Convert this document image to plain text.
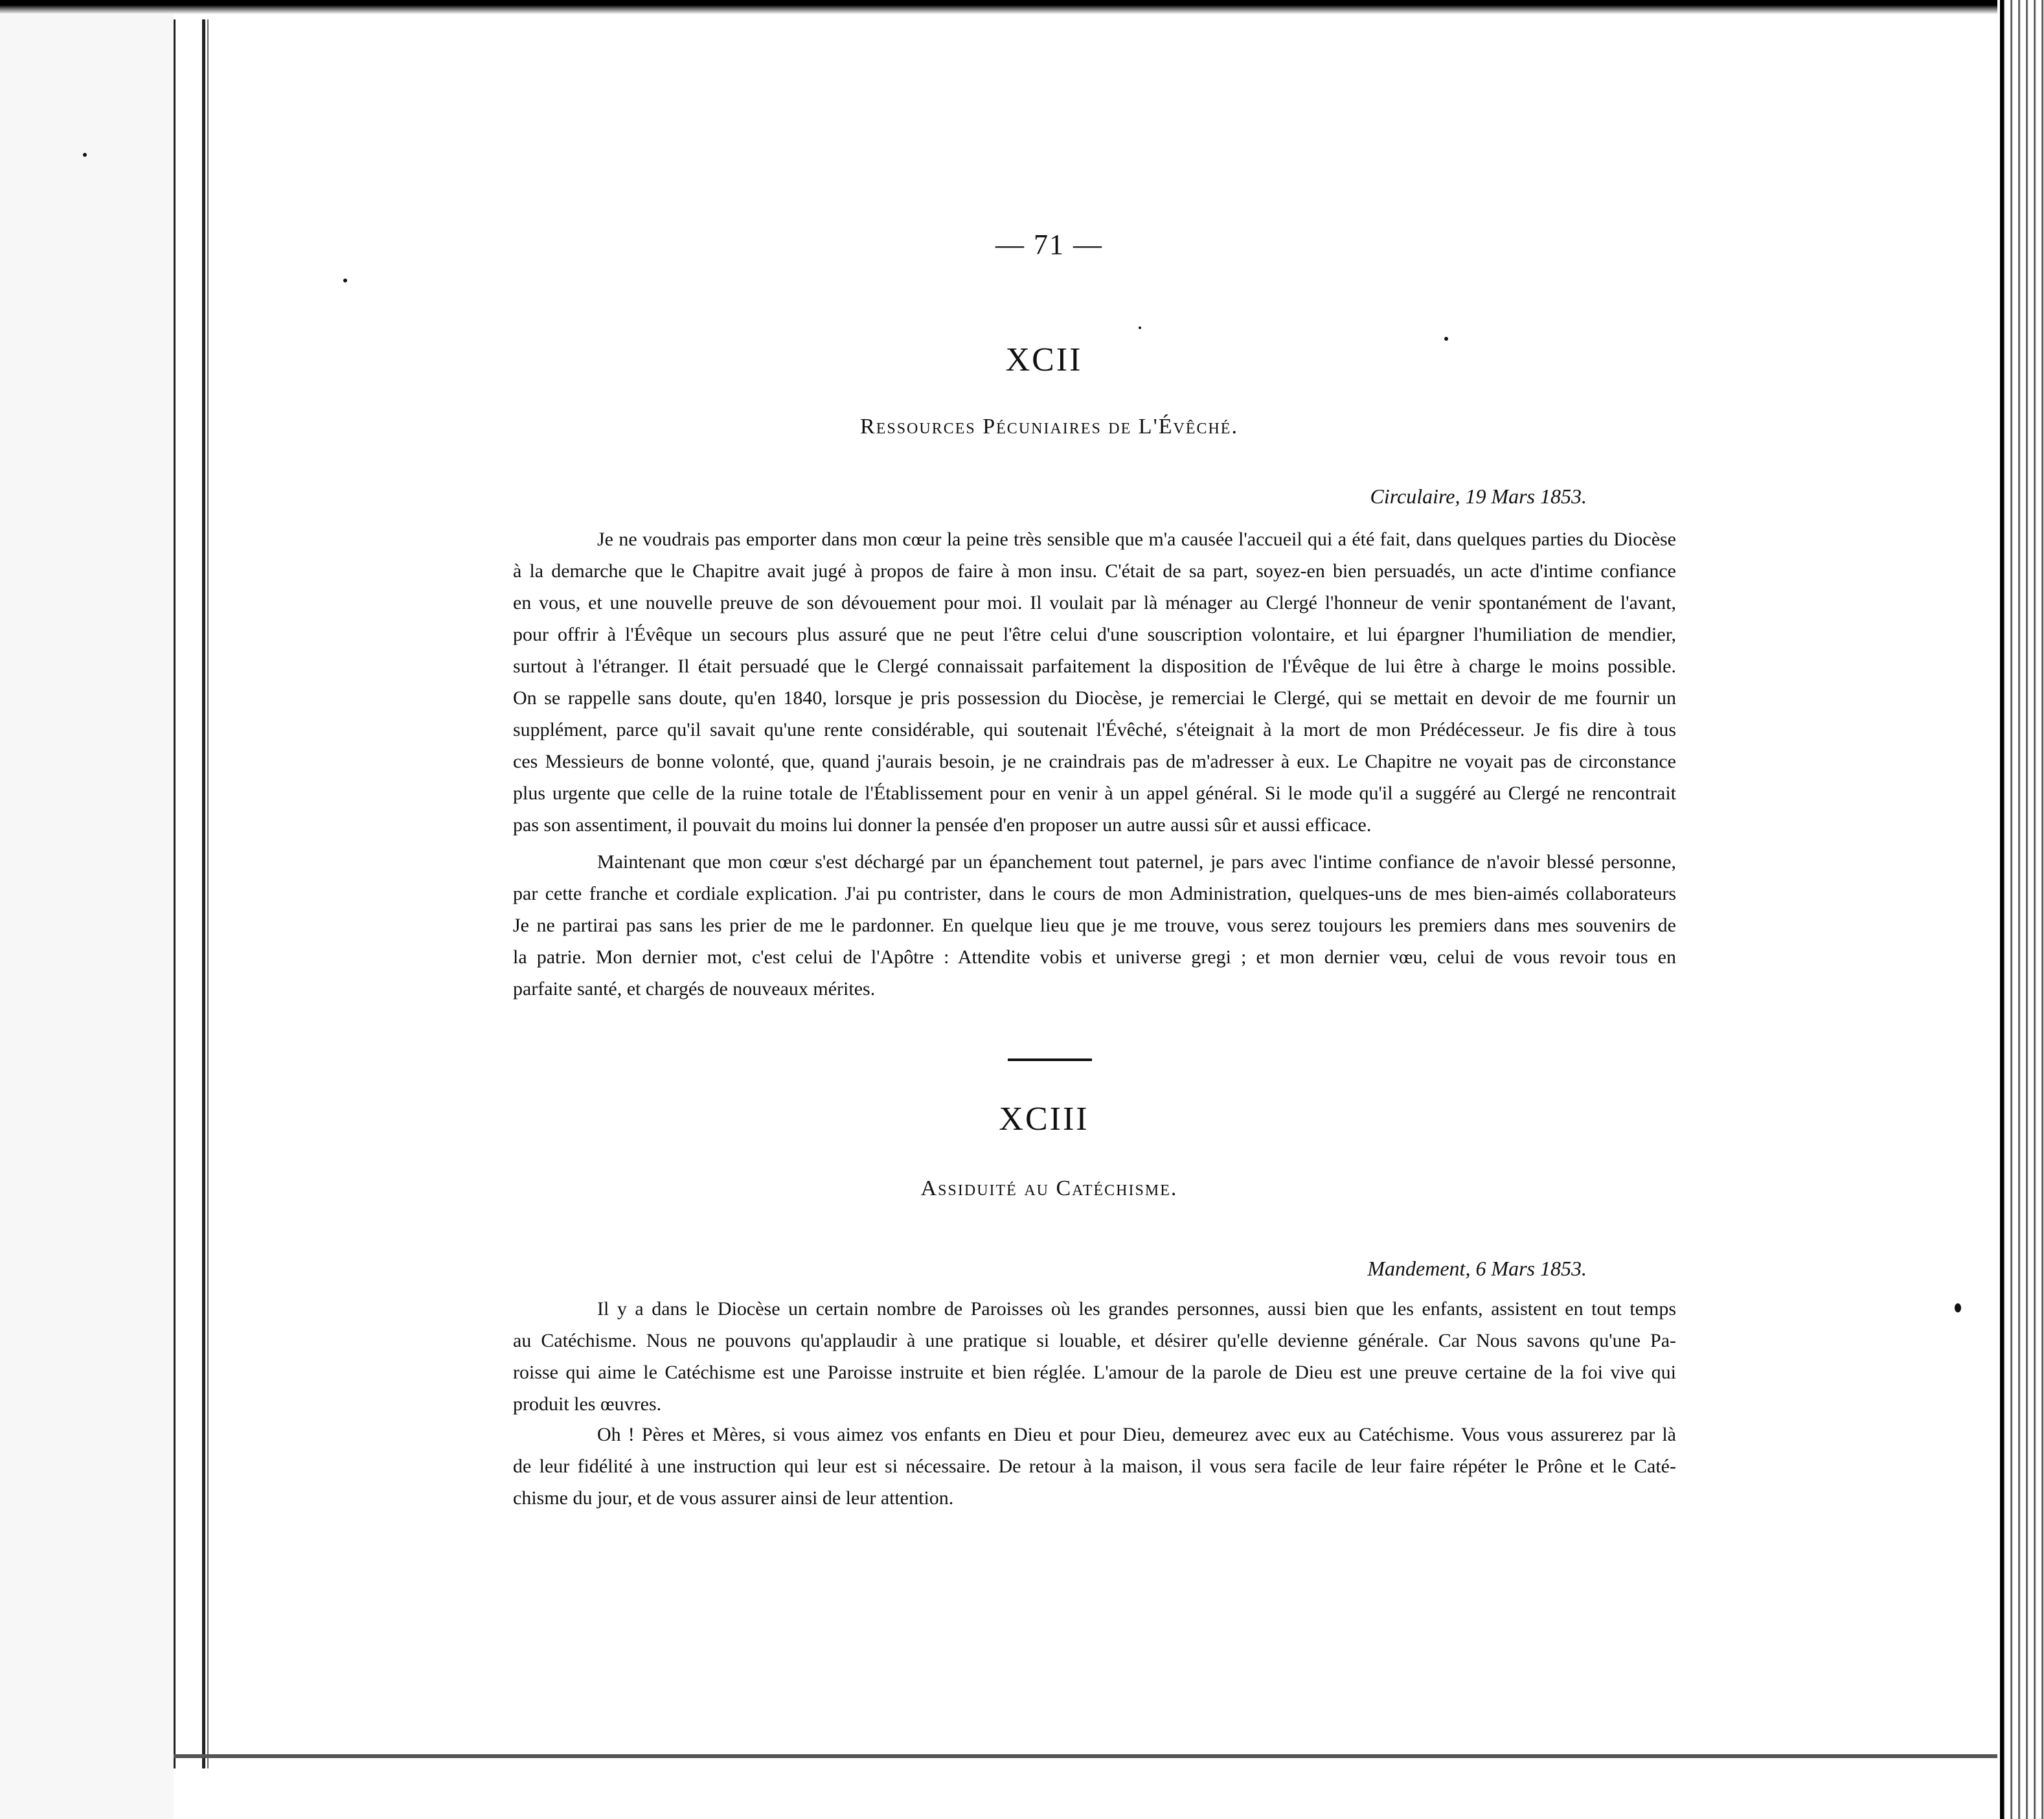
— 71 —
XCII
Ressources Pécuniaires de L'Évêché.
Circulaire, 19 Mars 1853.
Je ne voudrais pas emporter dans mon cœur la peine très sensible que m'a causée l'accueil qui a été fait, dans quelques parties du Diocèse
à la demarche que le Chapitre avait jugé à propos de faire à mon insu. C'était de sa part, soyez-en bien persuadés, un acte d'intime confiance
en vous, et une nouvelle preuve de son dévouement pour moi. Il voulait par là ménager au Clergé l'honneur de venir spontanément de l'avant,
pour offrir à l'Évêque un secours plus assuré que ne peut l'être celui d'une souscription volontaire, et lui épargner l'humiliation de mendier,
surtout à l'étranger. Il était persuadé que le Clergé connaissait parfaitement la disposition de l'Évêque de lui être à charge le moins possible.
On se rappelle sans doute, qu'en 1840, lorsque je pris possession du Diocèse, je remerciai le Clergé, qui se mettait en devoir de me fournir un
supplément, parce qu'il savait qu'une rente considérable, qui soutenait l'Évêché, s'éteignait à la mort de mon Prédécesseur. Je fis dire à tous
ces Messieurs de bonne volonté, que, quand j'aurais besoin, je ne craindrais pas de m'adresser à eux. Le Chapitre ne voyait pas de circonstance
plus urgente que celle de la ruine totale de l'Établissement pour en venir à un appel général. Si le mode qu'il a suggéré au Clergé ne rencontrait
pas son assentiment, il pouvait du moins lui donner la pensée d'en proposer un autre aussi sûr et aussi efficace.
Maintenant que mon cœur s'est déchargé par un épanchement tout paternel, je pars avec l'intime confiance de n'avoir blessé personne,
par cette franche et cordiale explication. J'ai pu contrister, dans le cours de mon Administration, quelques-uns de mes bien-aimés collaborateurs
Je ne partirai pas sans les prier de me le pardonner. En quelque lieu que je me trouve, vous serez toujours les premiers dans mes souvenirs de
la patrie. Mon dernier mot, c'est celui de l'Apôtre : Attendite vobis et universe gregi ; et mon dernier vœu, celui de vous revoir tous en
parfaite santé, et chargés de nouveaux mérites.
XCIII
Assiduité au Catéchisme.
Mandement, 6 Mars 1853.
Il y a dans le Diocèse un certain nombre de Paroisses où les grandes personnes, aussi bien que les enfants, assistent en tout temps
au Catéchisme. Nous ne pouvons qu'applaudir à une pratique si louable, et désirer qu'elle devienne générale. Car Nous savons qu'une Pa-
roisse qui aime le Catéchisme est une Paroisse instruite et bien réglée. L'amour de la parole de Dieu est une preuve certaine de la foi vive qui
produit les œuvres.
Oh ! Pères et Mères, si vous aimez vos enfants en Dieu et pour Dieu, demeurez avec eux au Catéchisme. Vous vous assurerez par là
de leur fidélité à une instruction qui leur est si nécessaire. De retour à la maison, il vous sera facile de leur faire répéter le Prône et le Caté-
chisme du jour, et de vous assurer ainsi de leur attention.
